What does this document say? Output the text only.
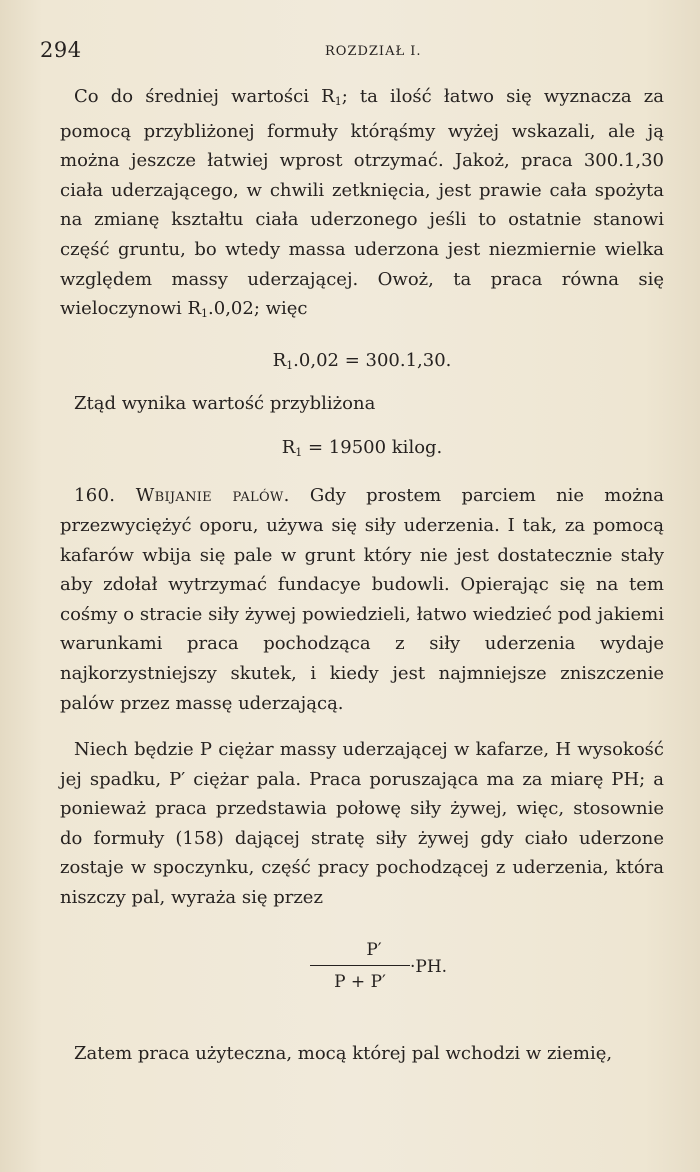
294	ROZDZIAŁ I.

Co do średniej wartości $R_1$; ta ilość łatwo się wyznacza za pomocą przybliżonej formuły którąśmy wyżej wskazali, ale ją można jeszcze łatwiej wprost otrzymać. Jakoż, praca 300.1,30 ciała uderzającego, w chwili zetknięcia, jest prawie cała spożyta na zmianę kształtu ciała uderzonego jeśli to ostatnie stanowi część gruntu, bo wtedy massa uderzona jest niezmiernie wielka względem massy uderzającej. Owoż, ta praca równa się wieloczynowi $R_1.0,02$; więc

$R_1.0,02 = 300.1,30$.

Ztąd wynika wartość przybliżona

$R_1 = 19500$ kilog.

160. Wbijanie palów. Gdy prostem parciem nie można przezwyciężyć oporu, używa się siły uderzenia. I tak, za pomocą kafarów wbija się pale w grunt który nie jest dostatecznie stały aby zdołał wytrzymać fundacye budowli. Opierając się na tem cośmy o stracie siły żywej powiedzieli, łatwo wiedzieć pod jakiemi warunkami praca pochodząca z siły uderzenia wydaje najkorzystniejszy skutek, i kiedy jest najmniejsze zniszczenie palów przez massę uderzającą.

Niech będzie P ciężar massy uderzającej w kafarze, H wysokość jej spadku, P′ ciężar pala. Praca poruszająca ma za miarę PH; a ponieważ praca przedstawia połowę siły żywej, więc, stosownie do formuły (158) dającej stratę siły żywej gdy ciało uderzone zostaje w spoczynku, część pracy pochodzącej z uderzenia, która niszczy pal, wyraża się przez

P′
P + P′
·PH.

Zatem praca użyteczna, mocą której pal wchodzi w ziemię,
